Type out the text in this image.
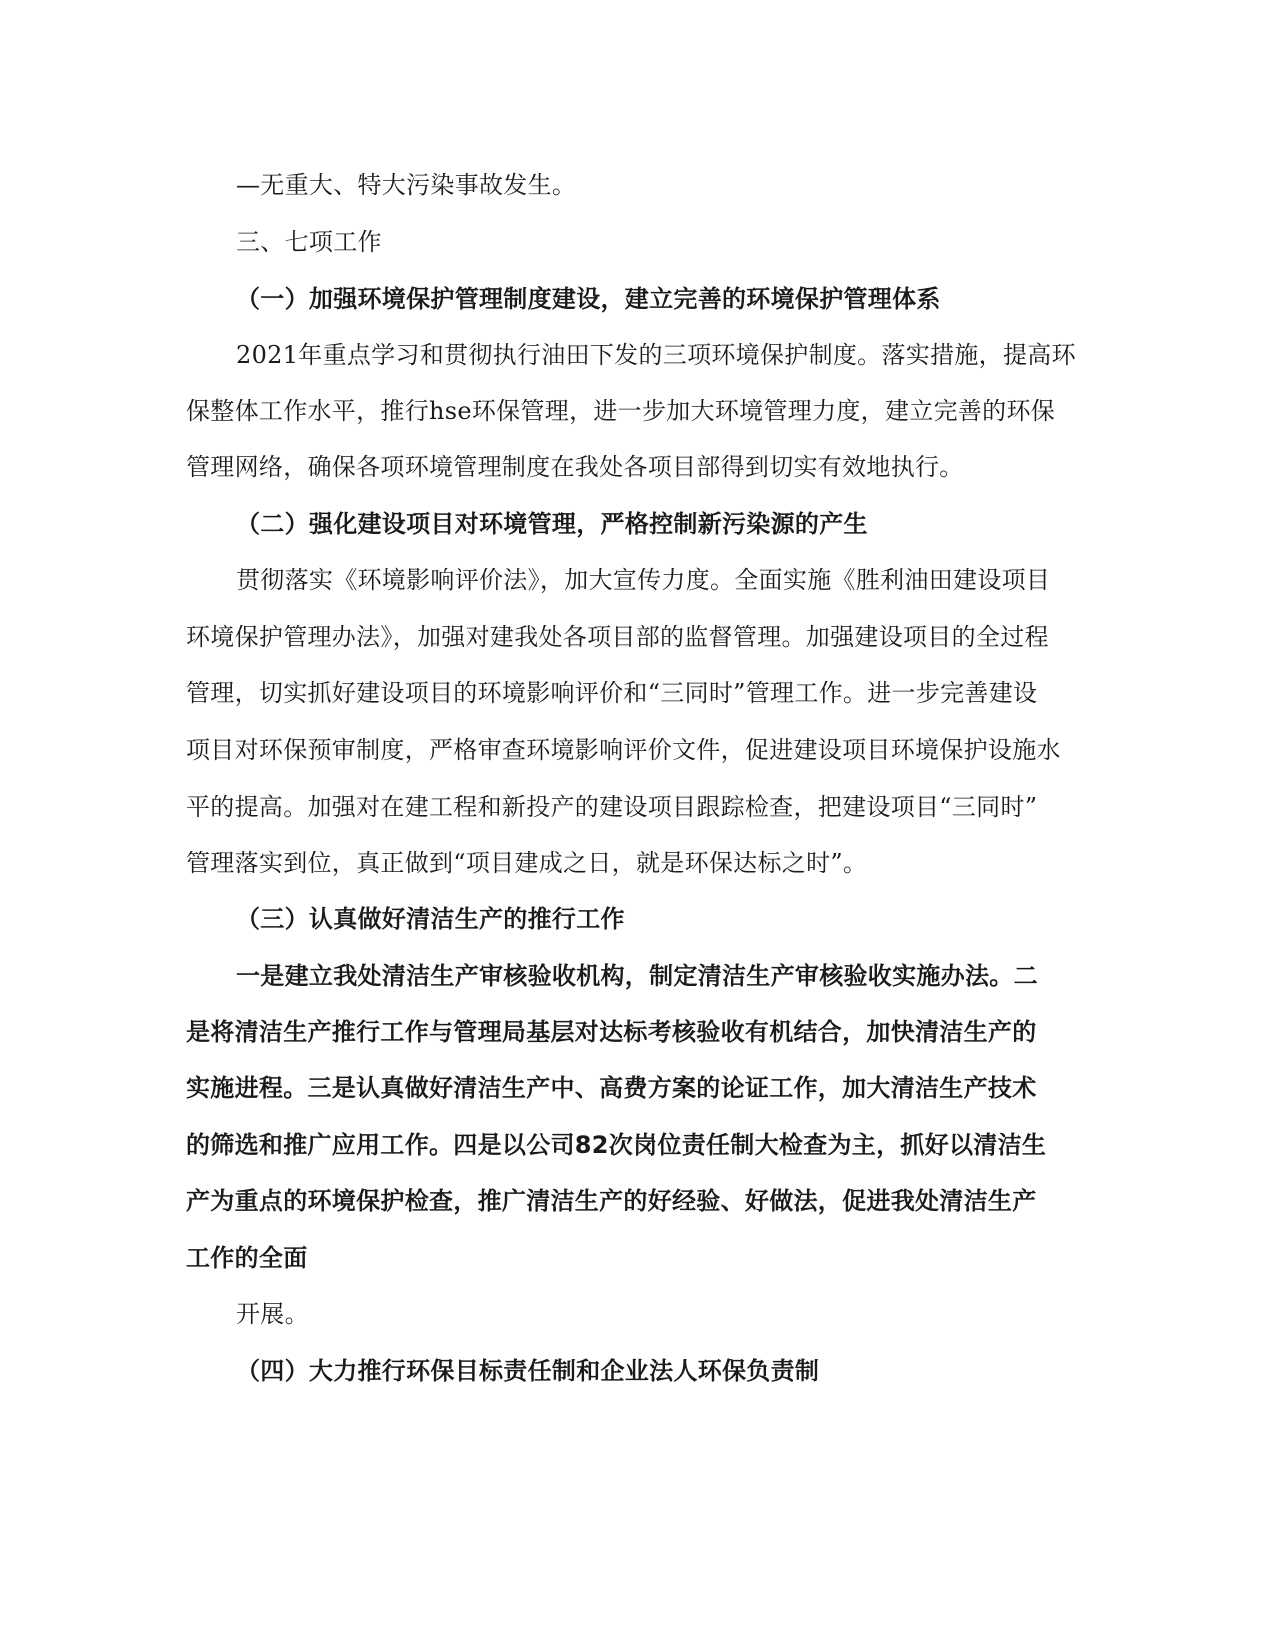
—无重大、特大污染事故发生。
三、七项工作
（一）加强环境保护管理制度建设，建立完善的环境保护管理体系
2021年重点学习和贯彻执行油田下发的三项环境保护制度。落实措施，提高环
保整体工作水平，推行hse环保管理，进一步加大环境管理力度，建立完善的环保
管理网络，确保各项环境管理制度在我处各项目部得到切实有效地执行。
（二）强化建设项目对环境管理，严格控制新污染源的产生
贯彻落实《环境影响评价法》，加大宣传力度。全面实施《胜利油田建设项目
环境保护管理办法》，加强对建我处各项目部的监督管理。加强建设项目的全过程
管理，切实抓好建设项目的环境影响评价和“三同时”管理工作。进一步完善建设
项目对环保预审制度，严格审查环境影响评价文件，促进建设项目环境保护设施水
平的提高。加强对在建工程和新投产的建设项目跟踪检查，把建设项目“三同时”
管理落实到位，真正做到“项目建成之日，就是环保达标之时”。
（三）认真做好清洁生产的推行工作
一是建立我处清洁生产审核验收机构，制定清洁生产审核验收实施办法。二
是将清洁生产推行工作与管理局基层对达标考核验收有机结合，加快清洁生产的
实施进程。三是认真做好清洁生产中、高费方案的论证工作，加大清洁生产技术
的筛选和推广应用工作。四是以公司82次岗位责任制大检查为主，抓好以清洁生
产为重点的环境保护检查，推广清洁生产的好经验、好做法，促进我处清洁生产
工作的全面
开展。
（四）大力推行环保目标责任制和企业法人环保负责制
